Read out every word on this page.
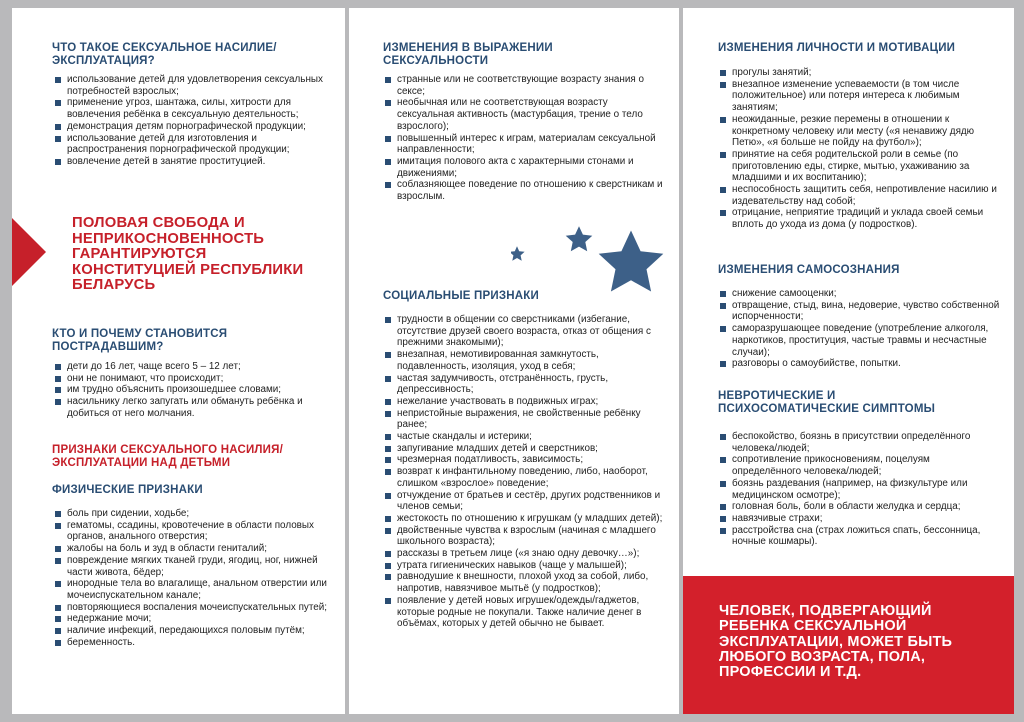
ЧТО ТАКОЕ СЕКСУАЛЬНОЕ НАСИЛИЕ/ЭКСПЛУАТАЦИЯ?
использование детей для удовлетворения сексуальных потребностей взрослых;
применение угроз, шантажа, силы, хитрости для вовлечения ребёнка в сексуальную деятельность;
демонстрация детям порнографической продукции;
использование детей для изготовления и распространения порнографической продукции;
вовлечение детей в занятие проституцией.
ПОЛОВАЯ СВОБОДА И НЕПРИКОСНОВЕННОСТЬ ГАРАНТИРУЮТСЯ КОНСТИТУЦИЕЙ РЕСПУБЛИКИ БЕЛАРУСЬ
КТО И ПОЧЕМУ СТАНОВИТСЯ ПОСТРАДАВШИМ?
дети до 16 лет, чаще всего 5 – 12 лет;
они не понимают, что происходит;
им трудно объяснить произошедшее словами;
насильнику легко запугать или обмануть ребёнка и добиться от него молчания.
ПРИЗНАКИ СЕКСУАЛЬНОГО НАСИЛИЯ/ЭКСПЛУАТАЦИИ НАД ДЕТЬМИ
ФИЗИЧЕСКИЕ ПРИЗНАКИ
боль при сидении, ходьбе;
гематомы, ссадины, кровотечение в области половых органов, анального отверстия;
жалобы на боль и зуд в области гениталий;
повреждение мягких тканей груди, ягодиц, ног, нижней части живота, бёдер;
инородные тела во влагалище, анальном отверстии или мочеиспускательном канале;
повторяющиеся воспаления мочеиспускательных путей;
недержание мочи;
наличие инфекций, передающихся половым путём;
беременность.
ИЗМЕНЕНИЯ В ВЫРАЖЕНИИ СЕКСУАЛЬНОСТИ
странные или не соответствующие возрасту знания о сексе;
необычная или не соответствующая возрасту сексуальная активность (мастурбация, трение о тело взрослого);
повышенный интерес к играм, материалам сексуальной направленности;
имитация полового акта с характерными стонами и движениями;
соблазняющее поведение по отношению к сверстникам и взрослым.
СОЦИАЛЬНЫЕ ПРИЗНАКИ
трудности в общении со сверстниками (избегание, отсутствие друзей своего возраста, отказ от общения с прежними знакомыми);
внезапная, немотивированная замкнутость, подавленность, изоляция, уход в себя;
частая задумчивость, отстранённость, грусть, депрессивность;
нежелание участвовать в подвижных играх;
непристойные выражения, не свойственные ребёнку ранее;
частые скандалы и истерики;
запугивание младших детей и сверстников;
чрезмерная податливость, зависимость;
возврат к инфантильному поведению, либо, наоборот, слишком «взрослое» поведение;
отчуждение от братьев и сестёр, других родственников и членов семьи;
жестокость по отношению к игрушкам (у младших детей);
двойственные чувства к взрослым (начиная с младшего школьного возраста);
рассказы в третьем лице («я знаю одну девочку…»);
утрата гигиенических навыков (чаще у малышей);
равнодушие к внешности, плохой уход за собой, либо, напротив, навязчивое мытьё (у подростков);
появление у детей новых игрушек/одежды/гаджетов, которые родные не покупали. Также наличие денег в объёмах, которых у детей обычно не бывает.
ИЗМЕНЕНИЯ ЛИЧНОСТИ И МОТИВАЦИИ
прогулы занятий;
внезапное изменение успеваемости (в том числе положительное) или потеря интереса к любимым занятиям;
неожиданные, резкие перемены в отношении к конкретному человеку или месту («я ненавижу дядю Петю», «я больше не пойду на футбол»);
принятие на себя родительской роли в семье (по приготовлению еды, стирке, мытью, ухаживанию за младшими и их воспитанию);
неспособность защитить себя, непротивление насилию и издевательству над собой;
отрицание, неприятие традиций и уклада своей семьи вплоть до ухода из дома (у подростков).
ИЗМЕНЕНИЯ САМОСОЗНАНИЯ
снижение самооценки;
отвращение, стыд, вина, недоверие, чувство собственной испорченности;
саморазрушающее поведение (употребление алкоголя, наркотиков, проституция, частые травмы и несчастные случаи);
разговоры о самоубийстве, попытки.
НЕВРОТИЧЕСКИЕ И ПСИХОСОМАТИЧЕСКИЕ СИМПТОМЫ
беспокойство, боязнь в присутствии определённого человека/людей;
сопротивление прикосновениям, поцелуям определённого человека/людей;
боязнь раздевания (например, на физкультуре или медицинском осмотре);
головная боль, боли в области желудка и сердца;
навязчивые страхи;
расстройства сна (страх ложиться спать, бессонница, ночные кошмары).
ЧЕЛОВЕК, ПОДВЕРГАЮЩИЙ РЕБЕНКА СЕКСУАЛЬНОЙ ЭКСПЛУАТАЦИИ, МОЖЕТ БЫТЬ ЛЮБОГО ВОЗРАСТА, ПОЛА, ПРОФЕССИИ И Т.Д.
